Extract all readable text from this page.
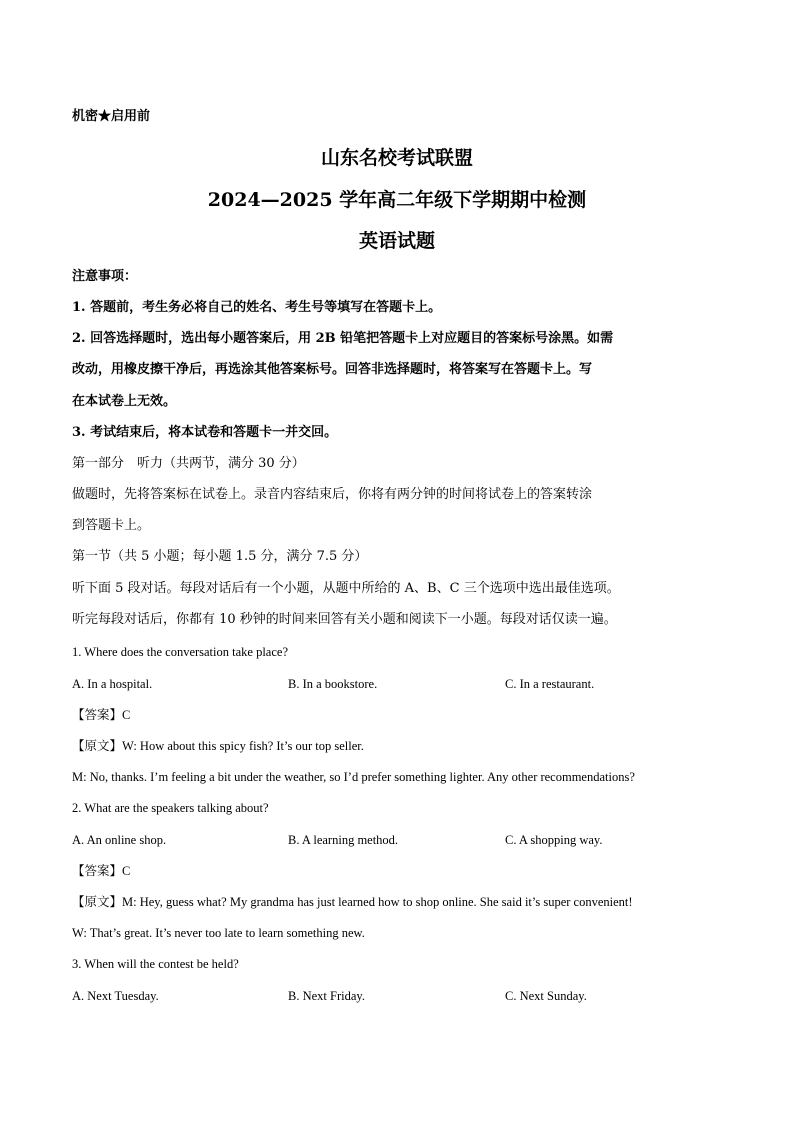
机密★启用前
山东名校考试联盟
2024—2025 学年高二年级下学期期中检测
英语试题
注意事项：
1. 答题前，考生务必将自己的姓名、考生号等填写在答题卡上。
2. 回答选择题时，选出每小题答案后，用 2B 铅笔把答题卡上对应题目的答案标号涂黑。如需
改动，用橡皮擦干净后，再选涂其他答案标号。回答非选择题时，将答案写在答题卡上。写
在本试卷上无效。
3. 考试结束后，将本试卷和答题卡一并交回。
第一部分　听力（共两节，满分 30 分）
做题时，先将答案标在试卷上。录音内容结束后，你将有两分钟的时间将试卷上的答案转涂
到答题卡上。
第一节（共 5 小题；每小题 1.5 分，满分 7.5 分）
听下面 5 段对话。每段对话后有一个小题，从题中所给的 A、B、C 三个选项中选出最佳选项。
听完每段对话后，你都有 10 秒钟的时间来回答有关小题和阅读下一小题。每段对话仅读一遍。
1. Where does the conversation take place?
A. In a hospital.	B. In a bookstore.	C. In a restaurant.
【答案】C
【原文】W: How about this spicy fish? It’s our top seller.
M: No, thanks. I’m feeling a bit under the weather, so I’d prefer something lighter. Any other recommendations?
2. What are the speakers talking about?
A. An online shop.	B. A learning method.	C. A shopping way.
【答案】C
【原文】M: Hey, guess what? My grandma has just learned how to shop online. She said it’s super convenient!
W: That’s great. It’s never too late to learn something new.
3. When will the contest be held?
A. Next Tuesday.	B. Next Friday.	C. Next Sunday.
